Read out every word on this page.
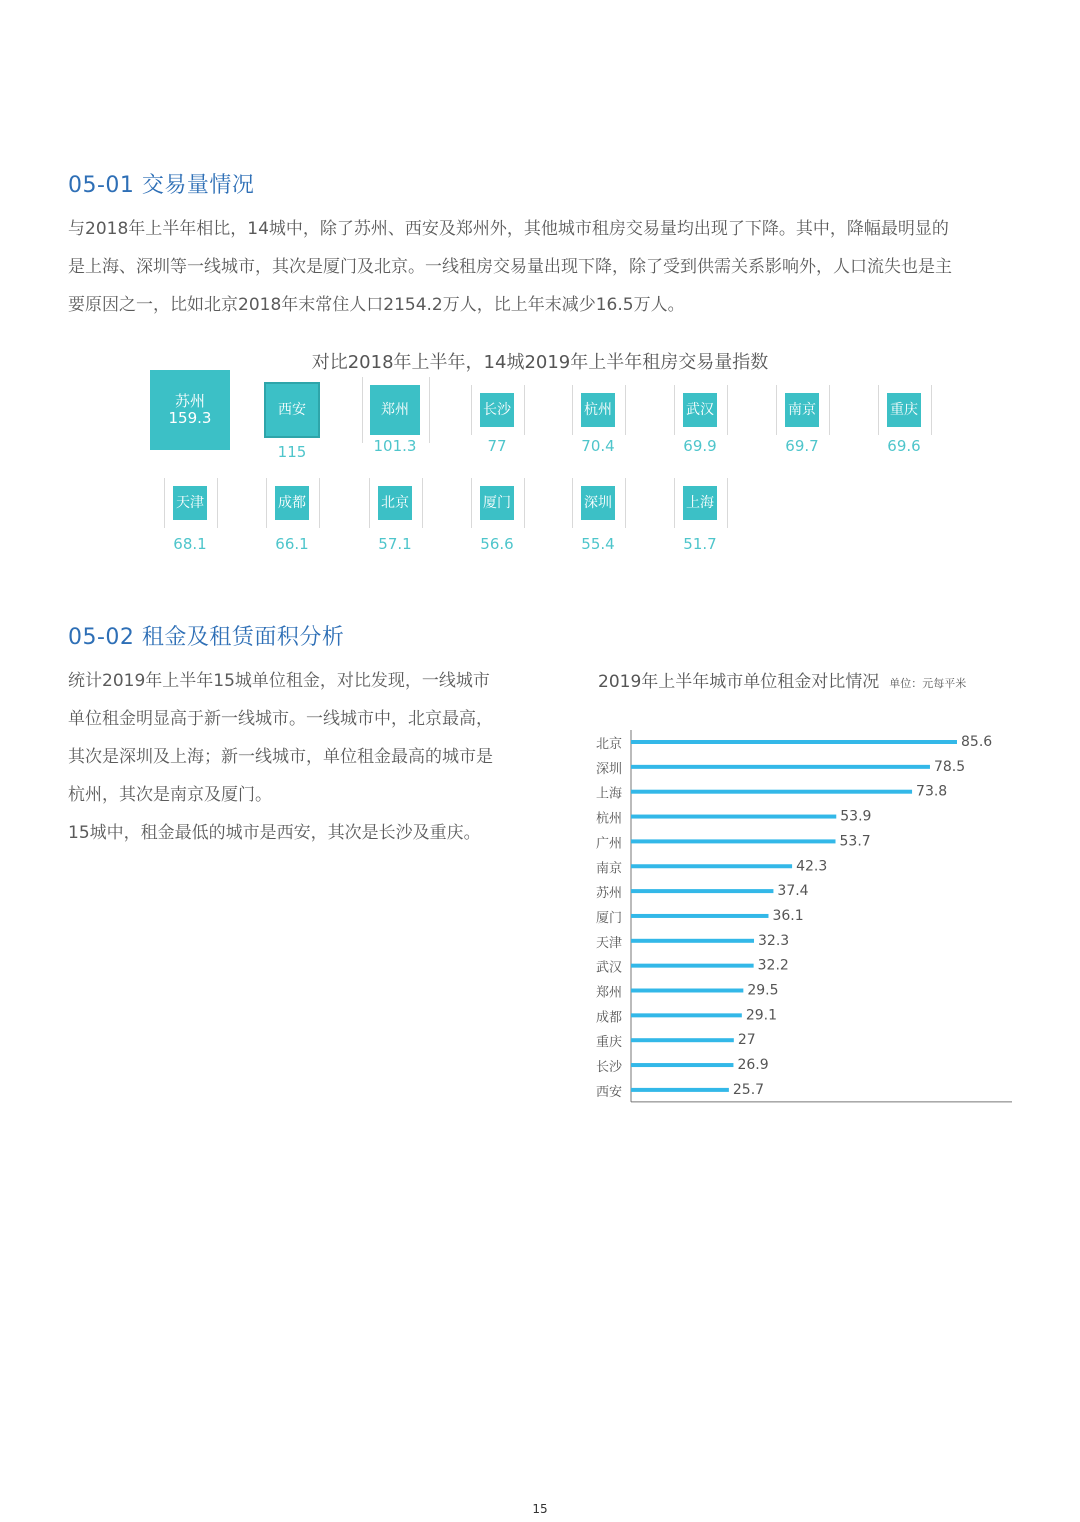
05-01 交易量情况
与2018年上半年相比，14城中，除了苏州、西安及郑州外，其他城市租房交易量均出现了下降。其中，降幅最明显的
是上海、深圳等一线城市，其次是厦门及北京。一线租房交易量出现下降，除了受到供需关系影响外，人口流失也是主
要原因之一，比如北京2018年末常住人口2154.2万人，比上年末减少16.5万人。
对比2018年上半年，14城2019年上半年租房交易量指数
苏州
159.3	西安
115
郑州
101.3
长沙
77
杭州
70.4
武汉
69.9
南京
69.7
重庆
69.6
天津
68.1
成都
66.1
北京
57.1
厦门
56.6
深圳
55.4
上海
51.7
05-02 租金及租赁面积分析
统计2019年上半年15城单位租金，对比发现，一线城市
单位租金明显高于新一线城市。一线城市中，北京最高，
其次是深圳及上海；新一线城市，单位租金最高的城市是
杭州，其次是南京及厦门。
15城中，租金最低的城市是西安，其次是长沙及重庆。
2019年上半年城市单位租金对比情况 单位：元每平米
北京	85.6
深圳	78.5
上海	73.8
杭州	53.9
广州	53.7
南京	42.3
苏州	37.4
厦门	36.1
天津	32.3
武汉	32.2
郑州	29.5
成都	29.1
重庆	27
长沙	26.9
西安	25.7
15
